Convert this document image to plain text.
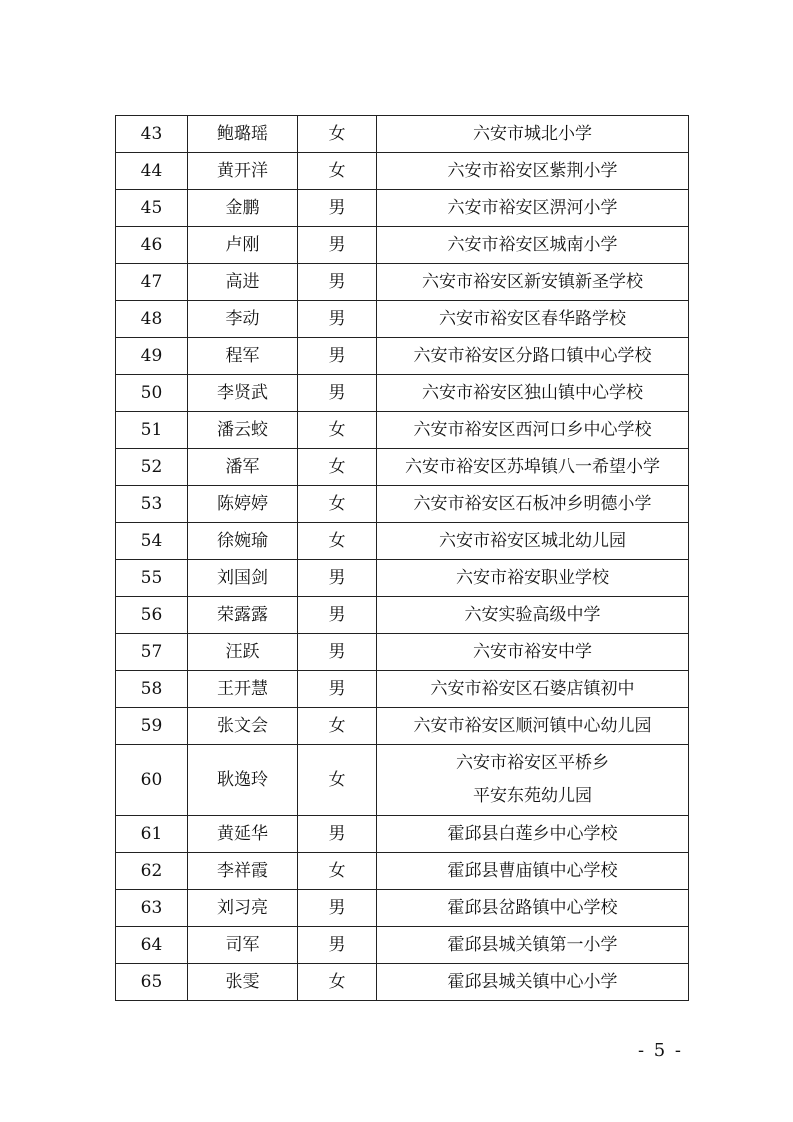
43	鲍璐瑶	女	六安市城北小学
44	黄开洋	女	六安市裕安区紫荆小学
45	金鹏	男	六安市裕安区淠河小学
46	卢刚	男	六安市裕安区城南小学
47	高进	男	六安市裕安区新安镇新圣学校
48	李动	男	六安市裕安区春华路学校
49	程军	男	六安市裕安区分路口镇中心学校
50	李贤武	男	六安市裕安区独山镇中心学校
51	潘云蛟	女	六安市裕安区西河口乡中心学校
52	潘军	女	六安市裕安区苏埠镇八一希望小学
53	陈婷婷	女	六安市裕安区石板冲乡明德小学
54	徐婉瑜	女	六安市裕安区城北幼儿园
55	刘国剑	男	六安市裕安职业学校
56	荣露露	男	六安实验高级中学
57	汪跃	男	六安市裕安中学
58	王开慧	男	六安市裕安区石婆店镇初中
59	张文会	女	六安市裕安区顺河镇中心幼儿园
60	耿逸玲	女	六安市裕安区平桥乡
平安东苑幼儿园

61	黄延华	男	霍邱县白莲乡中心学校
62	李祥霞	女	霍邱县曹庙镇中心学校
63	刘习亮	男	霍邱县岔路镇中心学校
64	司军	男	霍邱县城关镇第一小学
65	张雯	女	霍邱县城关镇中心小学
- 5 -
